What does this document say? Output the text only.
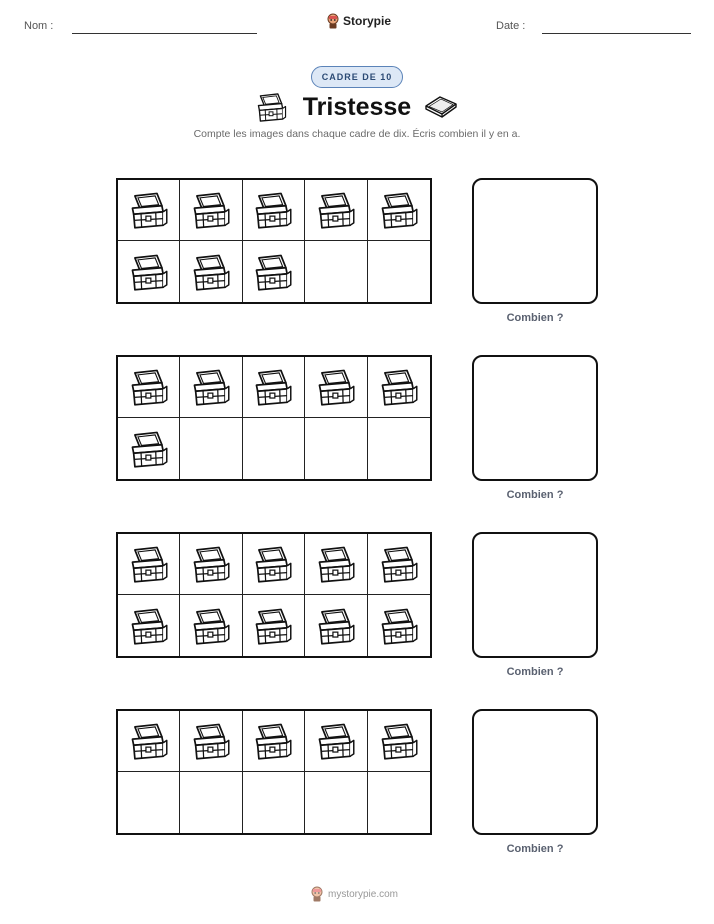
Nom :	Storypie	Date :
CADRE DE 10
Tristesse
Compte les images dans chaque cadre de dix. Écris combien il y en a.
Combien ?
Combien ?
Combien ?
Combien ?
mystorypie.com
